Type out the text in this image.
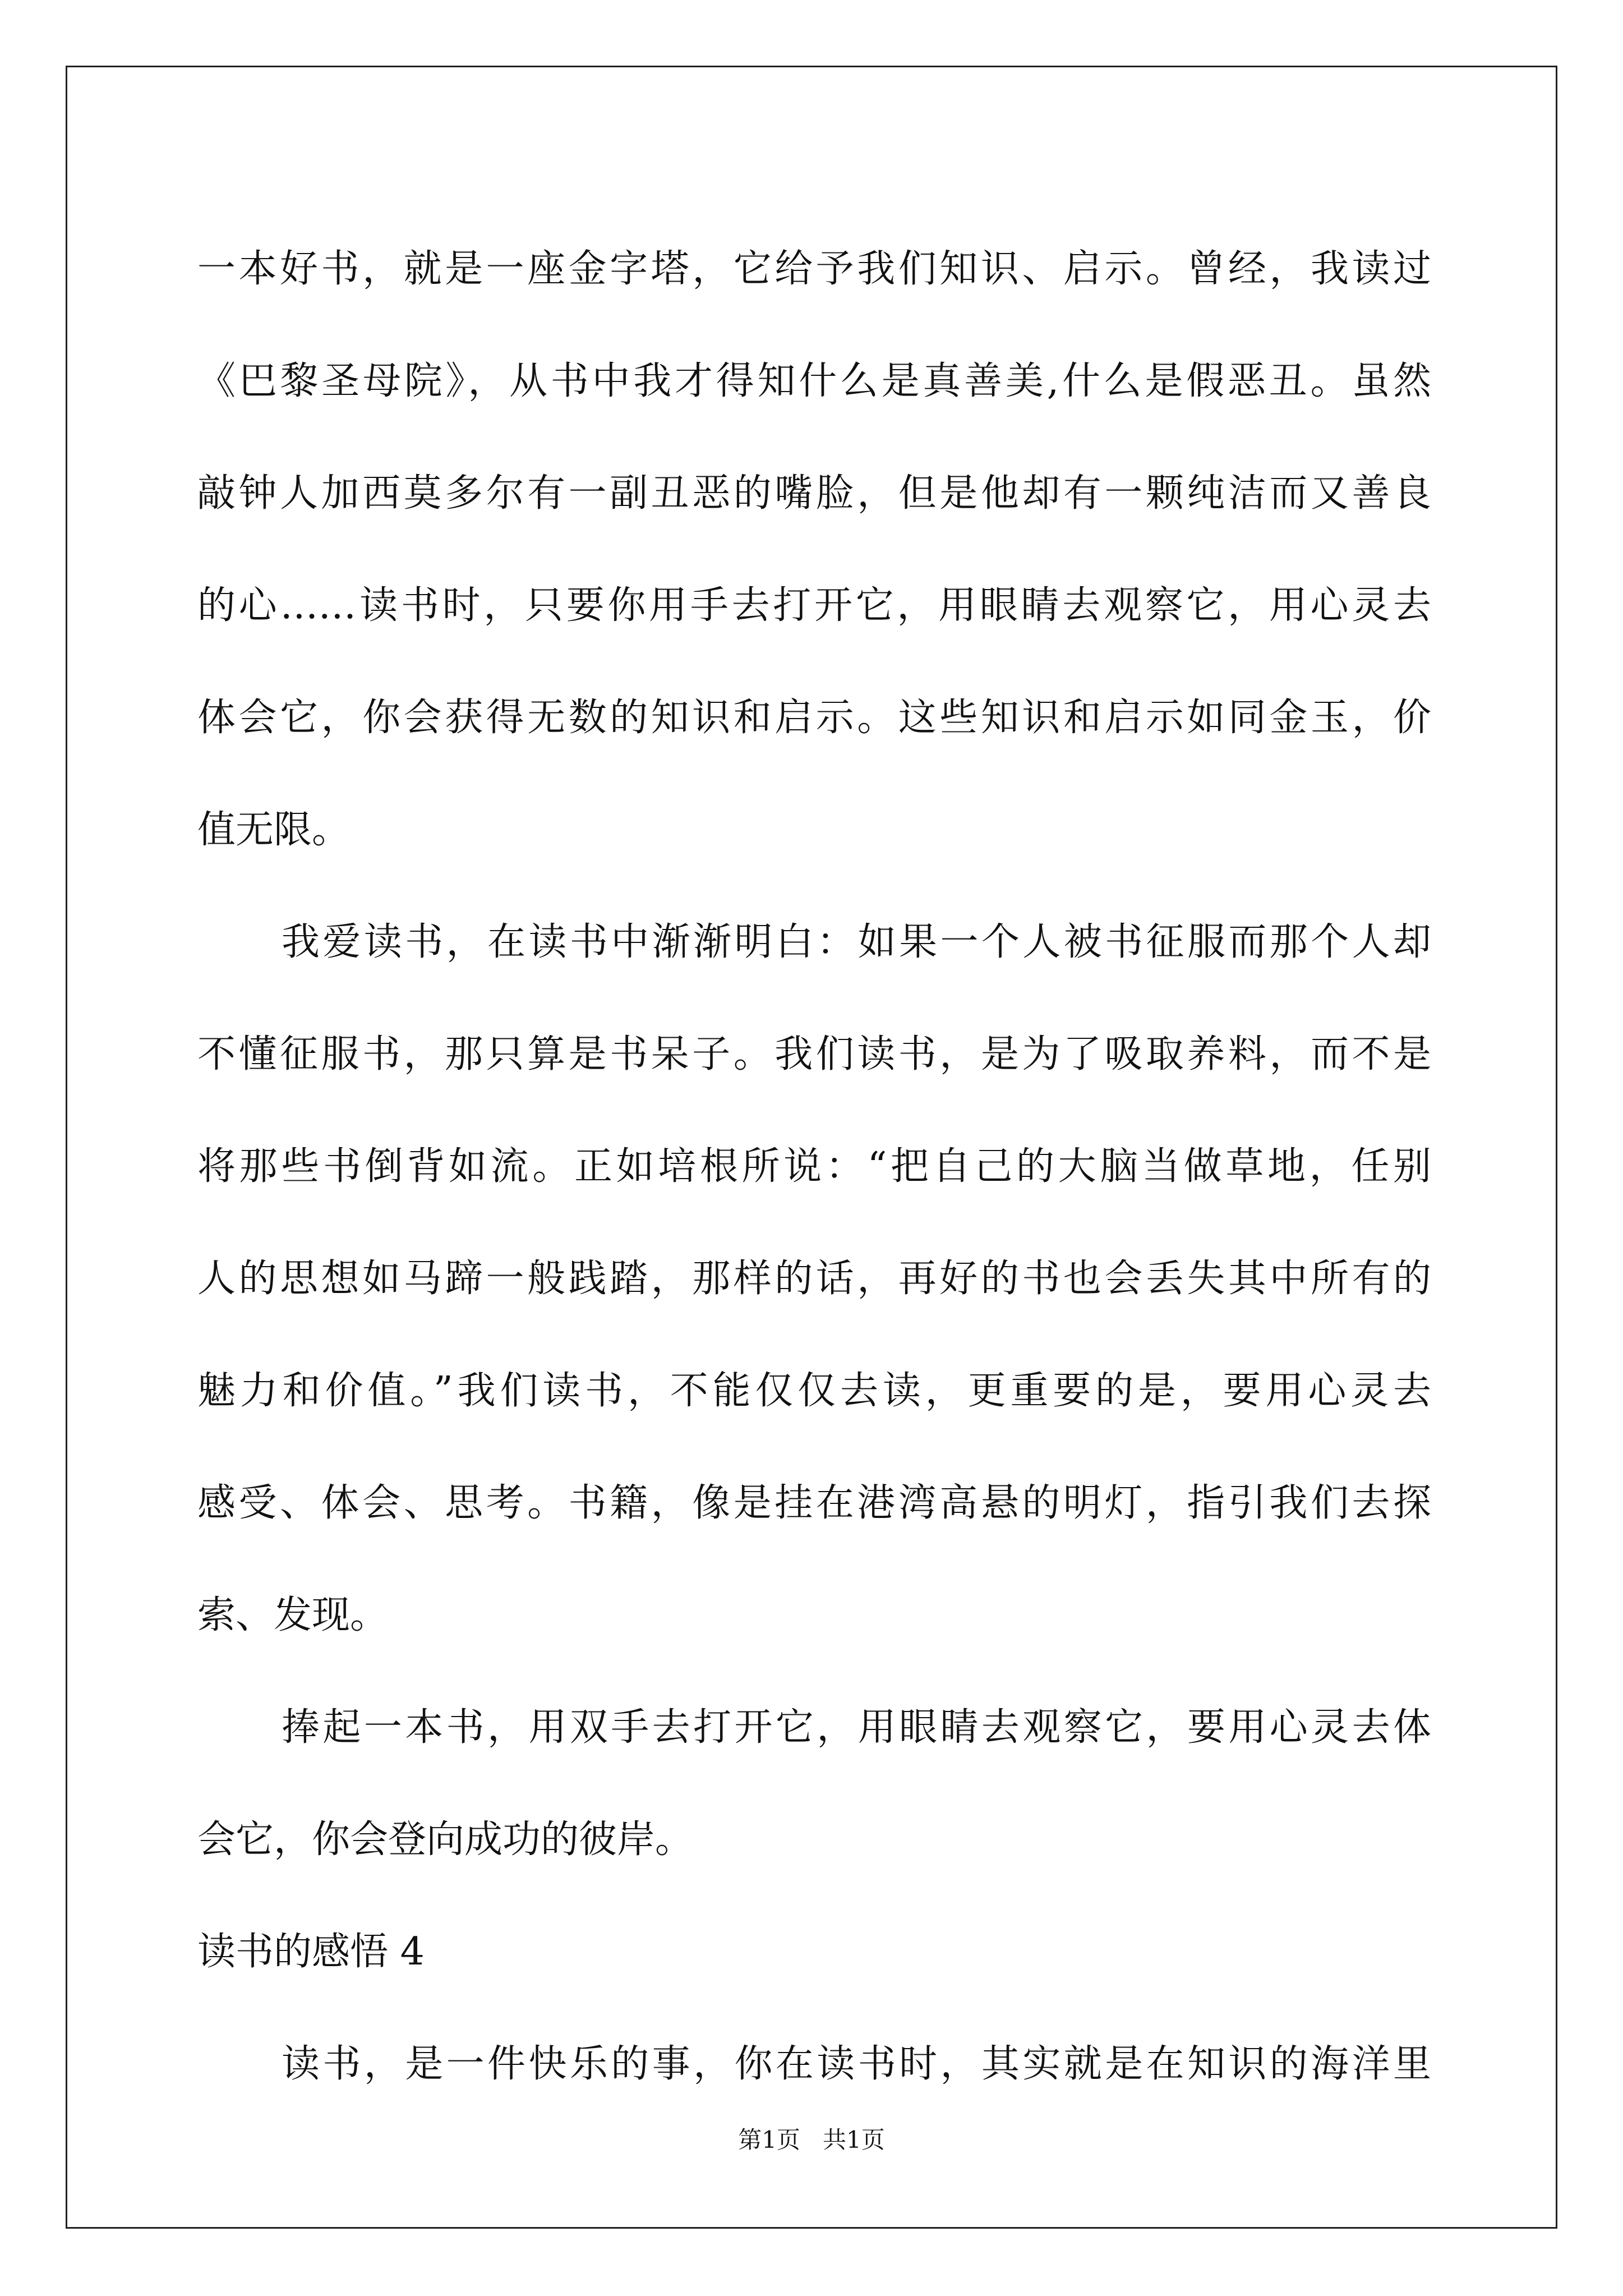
一本好书，就是一座金字塔，它给予我们知识、启示。曾经，我读过
《巴黎圣母院》，从书中我才得知什么是真善美,什么是假恶丑。虽然
敲钟人加西莫多尔有一副丑恶的嘴脸，但是他却有一颗纯洁而又善良
的心……读书时，只要你用手去打开它，用眼睛去观察它，用心灵去
体会它，你会获得无数的知识和启示。这些知识和启示如同金玉，价
值无限。
我爱读书，在读书中渐渐明白：如果一个人被书征服而那个人却
不懂征服书，那只算是书呆子。我们读书，是为了吸取养料，而不是
将那些书倒背如流。正如培根所说：“把自己的大脑当做草地，任别
人的思想如马蹄一般践踏，那样的话，再好的书也会丢失其中所有的
魅力和价值。”我们读书，不能仅仅去读，更重要的是，要用心灵去
感受、体会、思考。书籍，像是挂在港湾高悬的明灯，指引我们去探
索、发现。
捧起一本书，用双手去打开它，用眼睛去观察它，要用心灵去体
会它，你会登向成功的彼岸。
读书的感悟 4
读书，是一件快乐的事，你在读书时，其实就是在知识的海洋里
第1页   共1页
